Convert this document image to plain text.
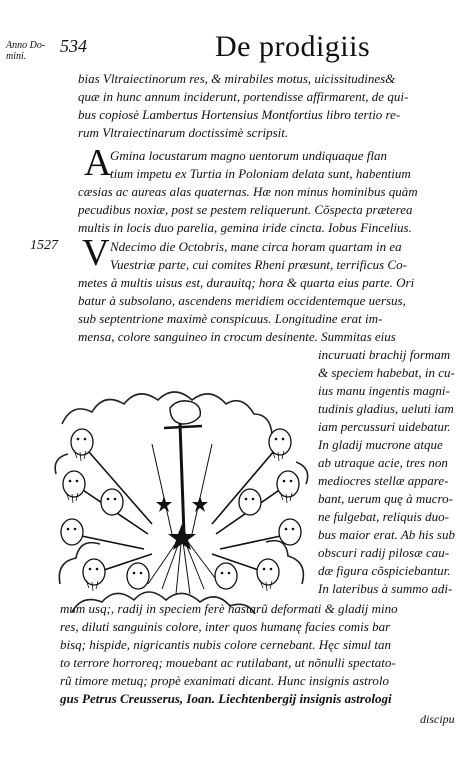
Anno Do-
mini.
534	De prodigiis
bias Vltraiectinorum res, & mirabiles motus, uicissitudines&
quæ in hunc annum inciderunt, portendisse affirmarent, de qui-
bus copiosè Lambertus Hortensius Montfortius libro tertio re-
rum Vltraiectinarum doctissimè scripsit.
A
Gmina locustarum magno uentorum undiquaque flan
tium impetu ex Turtia in Poloniam delata sunt, habentium
cæsias ac aureas alas quaternas. Hæ non minus hominibus quàm
pecudibus noxiæ, post se pestem reliquerunt. Cõspecta præterea
multis in locis duo parelia, gemina iride cincta. Iobus Fincelius.
1527 V Ndecimo die Octobris, mane circa horam quartam in ea
Vuestriæ parte, cui comites Rheni præsunt, terrificus Co-
metes à multis uisus est, durauitq; hora & quarta eius parte. Ori
batur à subsolano, ascendens meridiem occidentemque uersus,
sub septentrione maximè conspicuus. Longitudine erat im-
mensa, colore sanguineo in crocum desinente. Summitas eius
incuruati brachij formam
& speciem habebat, in cu-
ius manu ingentis magni-
tudinis gladius, ueluti iam
iam percussuri uidebatur.
In gladij mucrone atque
ab utraque acie, tres non
mediocres stellæ appare-
bant, uerum quę à mucro-
ne fulgebat, reliquis duo-
bus maior erat. Ab his sub
obscuri radij pilosæ cau-
dæ figura cõspiciebantur.
In lateribus à summo adi-
mum usq;, radij in speciem ferè hastarũ deformati & gladij mino
res, diluti sanguinis colore, inter quos humanę facies comis bar
bisq; hispide, nigricantis nubis colore cernebant. Hęc simul tan
to terrore horroreq; mouebant ac rutilabant, ut nõnulli spectato-
rũ timore metuq; propè exanimati dicant. Hunc insignis astrolo
gus Petrus Creusserus, Ioan. Liechtenbergij insignis astrologi
discipu
